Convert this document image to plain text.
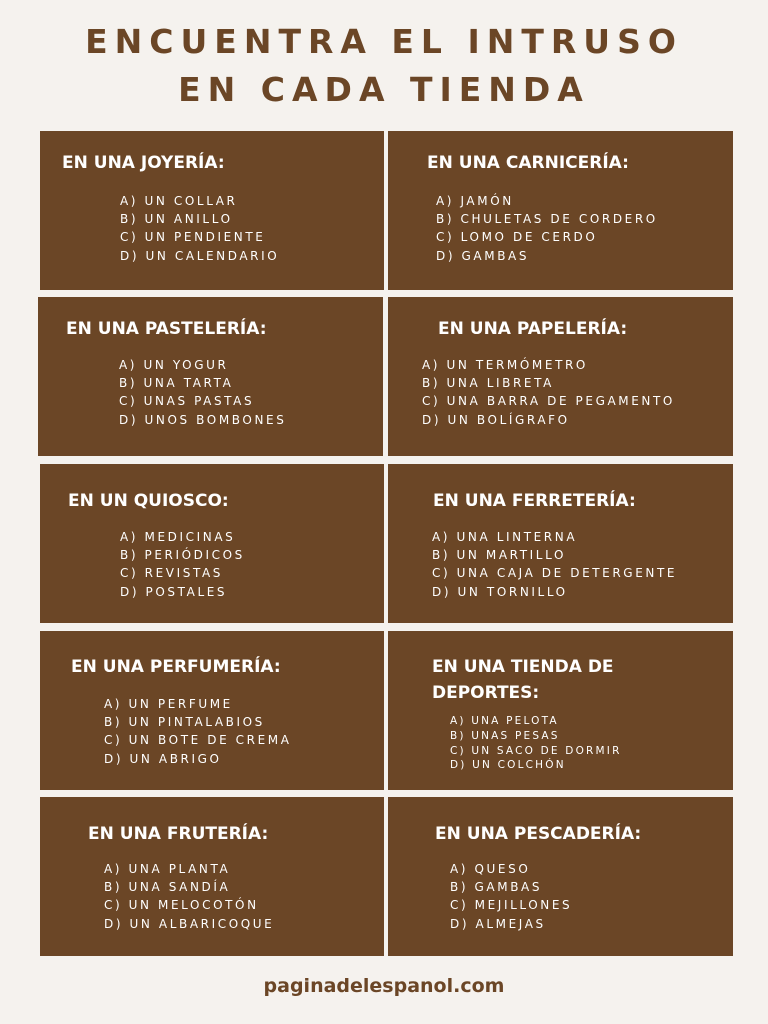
ENCUENTRA EL INTRUSO
EN CADA TIENDA
EN UNA JOYERÍA:
A) UN COLLAR
B) UN ANILLO
C) UN PENDIENTE
D) UN CALENDARIO
EN UNA CARNICERÍA:
A) JAMÓN
B) CHULETAS DE CORDERO
C) LOMO DE CERDO
D) GAMBAS
EN UNA PASTELERÍA:
A) UN YOGUR
B) UNA TARTA
C) UNAS PASTAS
D) UNOS BOMBONES
EN UNA PAPELERÍA:
A) UN TERMÓMETRO
B) UNA LIBRETA
C) UNA BARRA DE PEGAMENTO
D) UN BOLÍGRAFO
EN UN QUIOSCO:
A) MEDICINAS
B) PERIÓDICOS
C) REVISTAS
D) POSTALES
EN UNA FERRETERÍA:
A) UNA LINTERNA
B) UN MARTILLO
C) UNA CAJA DE DETERGENTE
D) UN TORNILLO
EN UNA PERFUMERÍA:
A) UN PERFUME
B) UN PINTALABIOS
C) UN BOTE DE CREMA
D) UN ABRIGO
EN UNA TIENDA DE DEPORTES:
A) UNA PELOTA
B) UNAS PESAS
C) UN SACO DE DORMIR
D) UN COLCHÓN
EN UNA FRUTERÍA:
A) UNA PLANTA
B) UNA SANDÍA
C) UN MELOCOTÓN
D) UN ALBARICOQUE
EN UNA PESCADERÍA:
A) QUESO
B) GAMBAS
C) MEJILLONES
D) ALMEJAS
paginadelespanol.com
